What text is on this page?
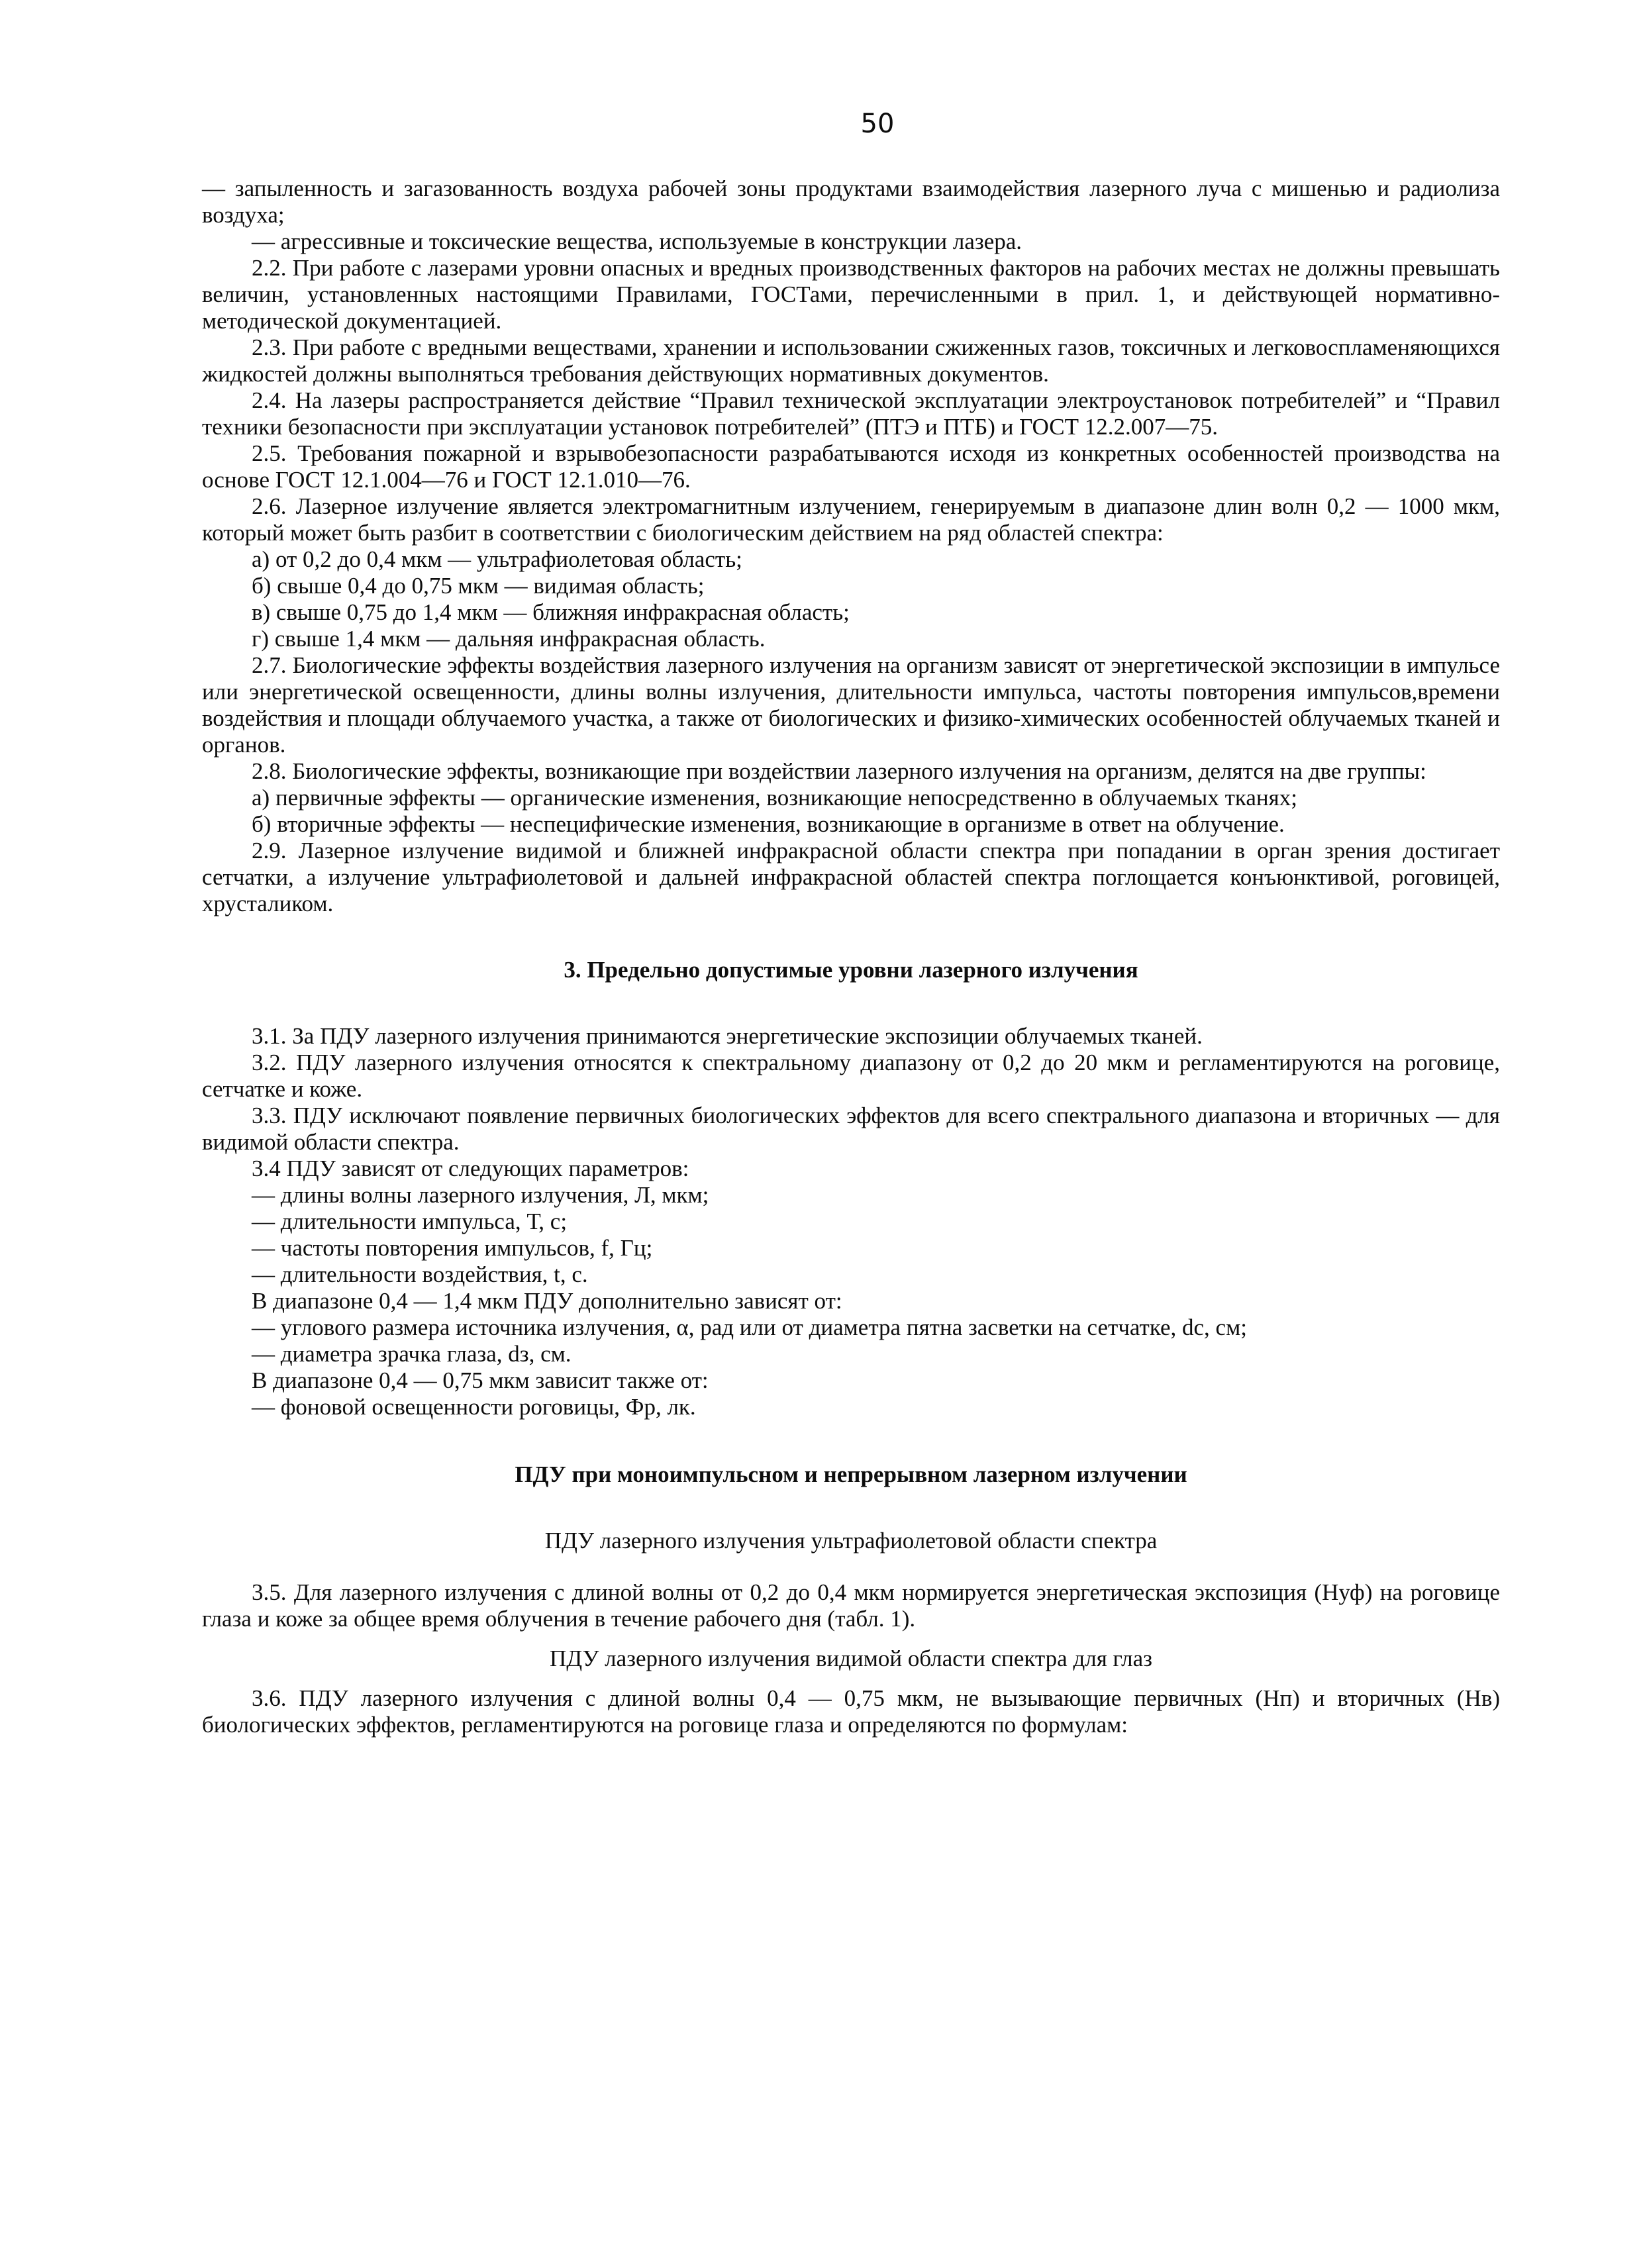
50
— запыленность и загазованность воздуха рабочей зоны продуктами взаимодействия лазерного луча с мишенью и радиолиза воздуха;
— агрессивные и токсические вещества, используемые в конструкции лазера.
2.2. При работе с лазерами уровни опасных и вредных производственных факторов на рабочих местах не должны превышать величин, установленных настоящими Правилами, ГОСТами, перечисленными в прил. 1, и действующей нормативно-методической документацией.
2.3. При работе с вредными веществами, хранении и использовании сжиженных газов, токсичных и легковоспламеняющихся жидкостей должны выполняться требования действующих нормативных документов.
2.4. На лазеры распространяется действие “Правил технической эксплуатации электроустановок потребителей” и “Правил техники безопасности при эксплуатации установок потребителей” (ПТЭ и ПТБ) и ГОСТ 12.2.007—75.
2.5. Требования пожарной и взрывобезопасности разрабатываются исходя из конкретных особенностей производства на основе ГОСТ 12.1.004—76 и ГОСТ 12.1.010—76.
2.6. Лазерное излучение является электромагнитным излучением, генерируемым в диапазоне длин волн 0,2 — 1000 мкм, который может быть разбит в соответствии с биологическим действием на ряд областей спектра:
а) от 0,2 до 0,4 мкм — ультрафиолетовая область;
б) свыше 0,4 до 0,75 мкм — видимая область;
в) свыше 0,75 до 1,4 мкм — ближняя инфракрасная область;
г) свыше 1,4 мкм — дальняя инфракрасная область.
2.7. Биологические эффекты воздействия лазерного излучения на организм зависят от энергетической экспозиции в импульсе или энергетической освещенности, длины волны излучения, длительности импульса, частоты повторения импульсов,времени воздействия и площади облучаемого участка, а также от биологических и физико-химических особенностей облучаемых тканей и органов.
2.8. Биологические эффекты, возникающие при воздействии лазерного излучения на организм, делятся на две группы:
а) первичные эффекты — органические изменения, возникающие непосредственно в облучаемых тканях;
б) вторичные эффекты — неспецифические изменения, возникающие в организме в ответ на облучение.
2.9. Лазерное излучение видимой и ближней инфракрасной области спектра при попадании в орган зрения достигает сетчатки, а излучение ультрафиолетовой и дальней инфракрасной областей спектра поглощается конъюнктивой, роговицей, хрусталиком.
3. Предельно допустимые уровни лазерного излучения
3.1. За ПДУ лазерного излучения принимаются энергетические экспозиции облучаемых тканей.
3.2. ПДУ лазерного излучения относятся к спектральному диапазону от 0,2 до 20 мкм и регламентируются на роговице, сетчатке и коже.
3.3. ПДУ исключают появление первичных биологических эффектов для всего спектрального диапазона и вторичных — для видимой области спектра.
3.4 ПДУ зависят от следующих параметров:
— длины волны лазерного излучения, Л, мкм;
— длительности импульса, Т, с;
— частоты повторения импульсов, f, Гц;
— длительности воздействия, t, с.
В диапазоне 0,4 — 1,4 мкм ПДУ дополнительно зависят от:
— углового размера источника излучения, α, рад или от диаметра пятна засветки на сетчатке, dс, см;
— диаметра зрачка глаза, dз, см.
В диапазоне 0,4 — 0,75 мкм зависит также от:
— фоновой освещенности роговицы, Фр, лк.
ПДУ при моноимпульсном и непрерывном лазерном излучении
ПДУ лазерного излучения ультрафиолетовой области спектра
3.5. Для лазерного излучения с длиной волны от 0,2 до 0,4 мкм нормируется энергетическая экспозиция (Нуф) на роговице глаза и коже за общее время облучения в течение рабочего дня (табл. 1).
ПДУ лазерного излучения видимой области спектра для глаз
3.6. ПДУ лазерного излучения с длиной волны 0,4 — 0,75 мкм, не вызывающие первичных (Нп) и вторичных (Нв) биологических эффектов, регламентируются на роговице глаза и определяются по формулам:
